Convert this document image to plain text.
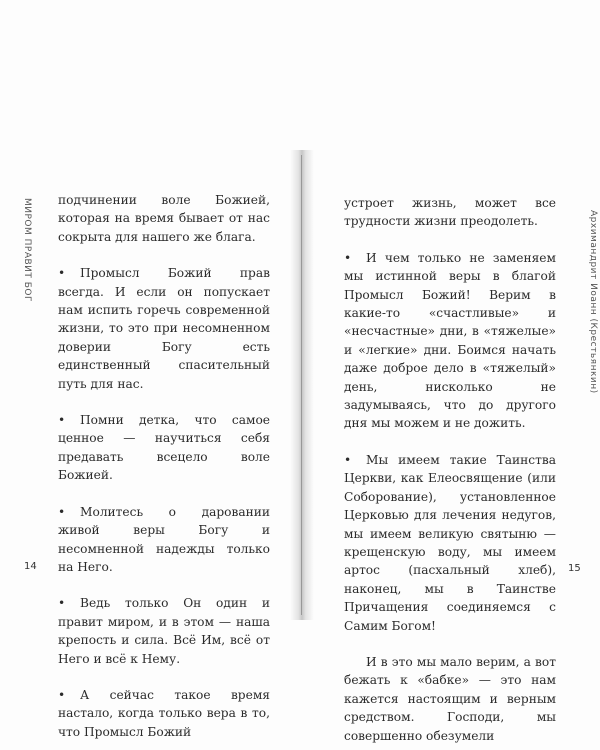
МИРОМ ПРАВИТ БОГ подчинении воле Божией, которая на время бывает от нас сокрыта для нашего же блага.

• Промысл Божий прав всегда. И если он попускает нам испить горечь современной жизни, то это при несомненном доверии Богу есть единственный спасительный путь для нас.

• Помни детка, что самое ценное — научиться себя предавать всецело воле Божией.

• Молитесь о даровании живой веры Богу и несомненной надежды только на Него.

• Ведь только Он один и правит миром, и в этом — наша крепость и сила. Всё Им, всё от Него и всё к Нему.

• А сейчас такое время настало, когда только вера в то, что Промысл Божий

14
Архимандрит Иоанн (Крестьянкин)

устроет жизнь, может все трудности жизни преодолеть.

• И чем только не заменяем мы истинной веры в благой Промысл Божий! Верим в какие-то «счастливые» и «несчастные» дни, в «тяжелые» и «легкие» дни. Боимся начать даже доброе дело в «тяжелый» день, нисколько не задумываясь, что до другого дня мы можем и не дожить.

• Мы имеем такие Таинства Церкви, как Елеосвящение (или Соборование), установленное Церковью для лечения недугов, мы имеем великую святыню — крещенскую воду, мы имеем артос (пасхальный хлеб), наконец, мы в Таинстве Причащения соединяемся с Самим Богом!

И в это мы мало верим, а вот бежать к «бабке» — это нам кажется настоящим и верным средством. Господи, мы совершенно обезумели

15
